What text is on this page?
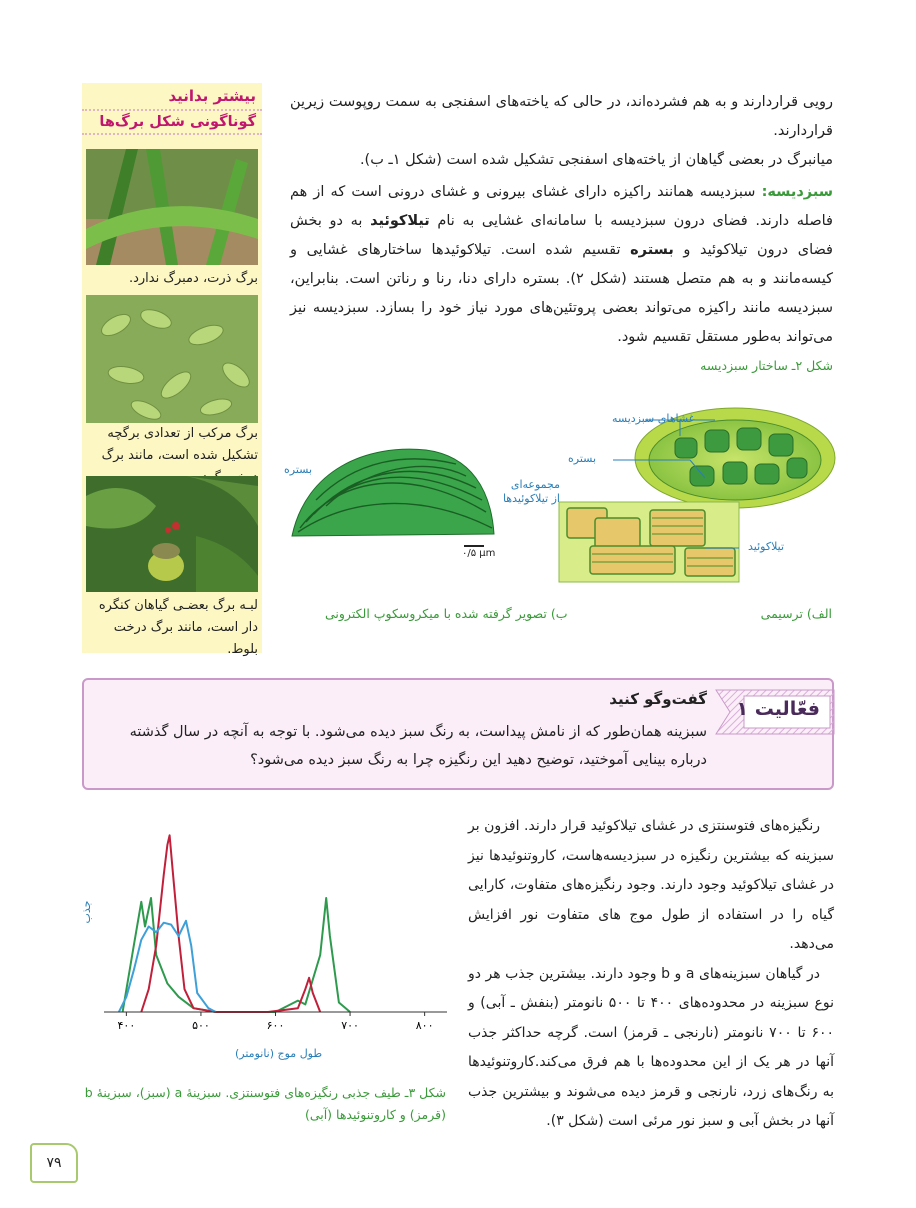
رویی قراردارند و به هم فشرده‌اند، در حالی که یاخته‌های اسفنجی به سمت روپوست زیرین قراردارند.
میانبرگ در بعضی گیاهان از یاخته‌های اسفنجی تشکیل شده است (شکل ۱ـ ب).
سبزدیسه: سبزدیسه همانند راکیزه دارای غشای بیرونی و غشای درونی است که از هم فاصله دارند. فضای درون سبزدیسه با سامانه‌ای غشایی به نام تیلاکوئید به دو بخش فضای درون تیلاکوئید و بستره تقسیم شده است. تیلاکوئیدها ساختارهای غشایی و کیسه‌مانند و به هم متصل هستند (شکل ۲). بستره دارای دنا، رنا و رناتن است. بنابراین، سبزدیسه مانند راکیزه می‌تواند بعضی پروتئین‌های مورد نیاز خود را بسازد. سبزدیسه نیز می‌تواند به‌طور مستقل تقسیم شود.
شکل ۲ـ ساختار سبزدیسه
غشاهای سبزدیسه
بستره
تیلاکوئید
بستره
مجموعه‌ای از تیلاکوئیدها
۰/۵ µm
الف) ترسیمی
ب) تصویر گرفته شده با میکروسکوپ الکترونی
بیشتر بدانید
گوناگونی شکل برگ‌ها
برگ ذرت، دمبرگ ندارد.
برگ مرکب از تعدادی برگچه تشکیل شده است، مانند برگ
لبـه برگ بعضـی گیاهان کنگره دار است، مانند برگ درخت بلوط.
فعّالیت ۱
گفت‌وگو کنید
سبزینه همان‌طور که از نامش پیداست، به رنگ سبز دیده می‌شود. با توجه به آنچه در سال گذشته درباره بینایی آموختید، توضیح دهید این رنگیزه چرا به رنگ سبز دیده می‌شود؟
رنگیزه‌های فتوسنتزی در غشای تیلاکوئید قرار دارند. افزون بر سبزینه که بیشترین رنگیزه در سبزدیسه‌هاست، کاروتنوئیدها نیز در غشای تیلاکوئید وجود دارند. وجود رنگیزه‌های متفاوت، کارایی گیاه را در استفاده از طول موج های متفاوت نور افزایش می‌دهد.
در گیاهان سبزینه‌های a و b وجود دارند. بیشترین جذب هر دو نوع سبزینه در محدوده‌های ۴۰۰ تا ۵۰۰ نانومتر (بنفش ـ آبی) و ۶۰۰ تا ۷۰۰ نانومتر (نارنجی ـ قرمز) است. گرچه حداکثر جذب آنها در هر یک از این محدوده‌ها با هم فرق می‌کند.کاروتنوئیدها به رنگ‌های زرد، نارنجی و قرمز دیده می‌شوند و بیشترین جذب آنها در بخش آبی و سبز نور مرئی است (شکل ۳).
جذب
۴۰۰	۵۰۰	۶۰۰	۷۰۰	۸۰۰
طول موج (نانومتر)
شکل ۳ـ طیف جذبی رنگیزه‌های فتوسنتزی. سبزینهٔ a (سبز)، سبزینهٔ b (قرمز) و کاروتنوئیدها (آبی)
۷۹
